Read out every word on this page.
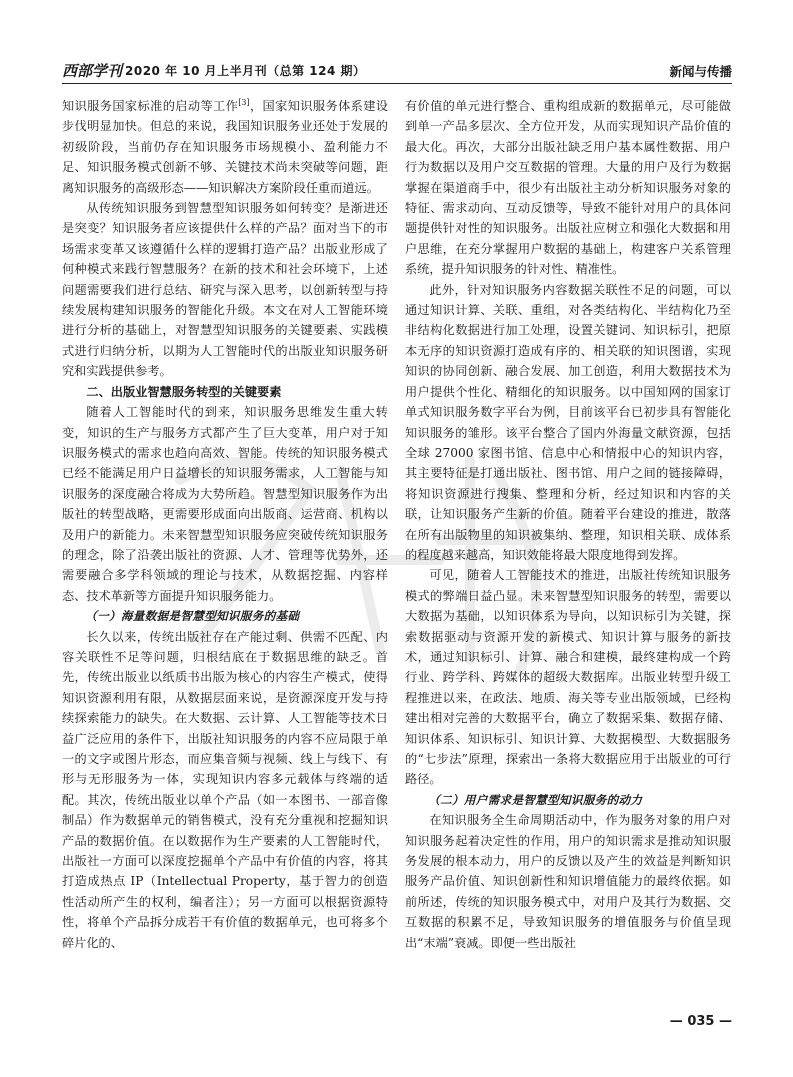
西部学刊 2020 年 10 月上半月刊（总第 124 期）	新闻与传播

知识服务国家标准的启动等工作[3]，国家知识服务体系建设步伐明显加快。但总的来说，我国知识服务业还处于发展的初级阶段，当前仍存在知识服务市场规模小、盈利能力不足、知识服务模式创新不够、关键技术尚未突破等问题，距离知识服务的高级形态——知识解决方案阶段任重而道远。

从传统知识服务到智慧型知识服务如何转变？是渐进还是突变？知识服务者应该提供什么样的产品？面对当下的市场需求变革又该遵循什么样的逻辑打造产品？出版业形成了何种模式来践行智慧服务？在新的技术和社会环境下，上述问题需要我们进行总结、研究与深入思考，以创新转型与持续发展构建知识服务的智能化升级。本文在对人工智能环境进行分析的基础上，对智慧型知识服务的关键要素、实践模式进行归纳分析，以期为人工智能时代的出版业知识服务研究和实践提供参考。

二、出版业智慧服务转型的关键要素

随着人工智能时代的到来，知识服务思维发生重大转变，知识的生产与服务方式都产生了巨大变革，用户对于知识服务模式的需求也趋向高效、智能。传统的知识服务模式已经不能满足用户日益增长的知识服务需求，人工智能与知识服务的深度融合将成为大势所趋。智慧型知识服务作为出版社的转型战略，更需要形成面向出版商、运营商、机构以及用户的新能力。未来智慧型知识服务应突破传统知识服务的理念，除了沿袭出版社的资源、人才、管理等优势外，还需要融合多学科领域的理论与技术，从数据挖掘、内容样态、技术革新等方面提升知识服务能力。

（一）海量数据是智慧型知识服务的基础

长久以来，传统出版社存在产能过剩、供需不匹配、内容关联性不足等问题，归根结底在于数据思维的缺乏。首先，传统出版业以纸质书出版为核心的内容生产模式，使得知识资源利用有限，从数据层面来说，是资源深度开发与持续探索能力的缺失。在大数据、云计算、人工智能等技术日益广泛应用的条件下，出版社知识服务的内容不应局限于单一的文字或图片形态，而应集音频与视频、线上与线下、有形与无形服务为一体，实现知识内容多元载体与终端的适配。其次，传统出版业以单个产品（如一本图书、一部音像制品）作为数据单元的销售模式，没有充分重视和挖掘知识产品的数据价值。在以数据作为生产要素的人工智能时代，出版社一方面可以深度挖掘单个产品中有价值的内容，将其打造成热点 IP（Intellectual Property，基于智力的创造性活动所产生的权利，编者注）；另一方面可以根据资源特性，将单个产品拆分成若干有价值的数据单元，也可将多个碎片化的、

有价值的单元进行整合、重构组成新的数据单元，尽可能做到单一产品多层次、全方位开发，从而实现知识产品价值的最大化。再次，大部分出版社缺乏用户基本属性数据、用户行为数据以及用户交互数据的管理。大量的用户及行为数据掌握在渠道商手中，很少有出版社主动分析知识服务对象的特征、需求动向、互动反馈等，导致不能针对用户的具体问题提供针对性的知识服务。出版社应树立和强化大数据和用户思维，在充分掌握用户数据的基础上，构建客户关系管理系统，提升知识服务的针对性、精准性。

此外，针对知识服务内容数据关联性不足的问题，可以通过知识计算、关联、重组，对各类结构化、半结构化乃至非结构化数据进行加工处理，设置关键词、知识标引，把原本无序的知识资源打造成有序的、相关联的知识图谱，实现知识的协同创新、融合发展、加工创造，利用大数据技术为用户提供个性化、精细化的知识服务。以中国知网的国家订单式知识服务数字平台为例，目前该平台已初步具有智能化知识服务的雏形。该平台整合了国内外海量文献资源，包括全球 27000 家图书馆、信息中心和情报中心的知识内容，其主要特征是打通出版社、图书馆、用户之间的链接障碍，将知识资源进行搜集、整理和分析，经过知识和内容的关联，让知识服务产生新的价值。随着平台建设的推进，散落在所有出版物里的知识被集纳、整理，知识相关联、成体系的程度越来越高，知识效能将最大限度地得到发挥。

可见，随着人工智能技术的推进，出版社传统知识服务模式的弊端日益凸显。未来智慧型知识服务的转型，需要以大数据为基础，以知识体系为导向，以知识标引为关键，探索数据驱动与资源开发的新模式、知识计算与服务的新技术，通过知识标引、计算、融合和建模，最终建构成一个跨行业、跨学科、跨媒体的超级大数据库。出版业转型升级工程推进以来，在政法、地质、海关等专业出版领域，已经构建出相对完善的大数据平台，确立了数据采集、数据存储、知识体系、知识标引、知识计算、大数据模型、大数据服务的“七步法”原理，探索出一条将大数据应用于出版业的可行路径。

（二）用户需求是智慧型知识服务的动力

在知识服务全生命周期活动中，作为服务对象的用户对知识服务起着决定性的作用，用户的知识需求是推动知识服务发展的根本动力，用户的反馈以及产生的效益是判断知识服务产品价值、知识创新性和知识增值能力的最终依据。如前所述，传统的知识服务模式中，对用户及其行为数据、交互数据的积累不足，导致知识服务的增值服务与价值呈现出“末端”衰减。即便一些出版社

— 035 —
